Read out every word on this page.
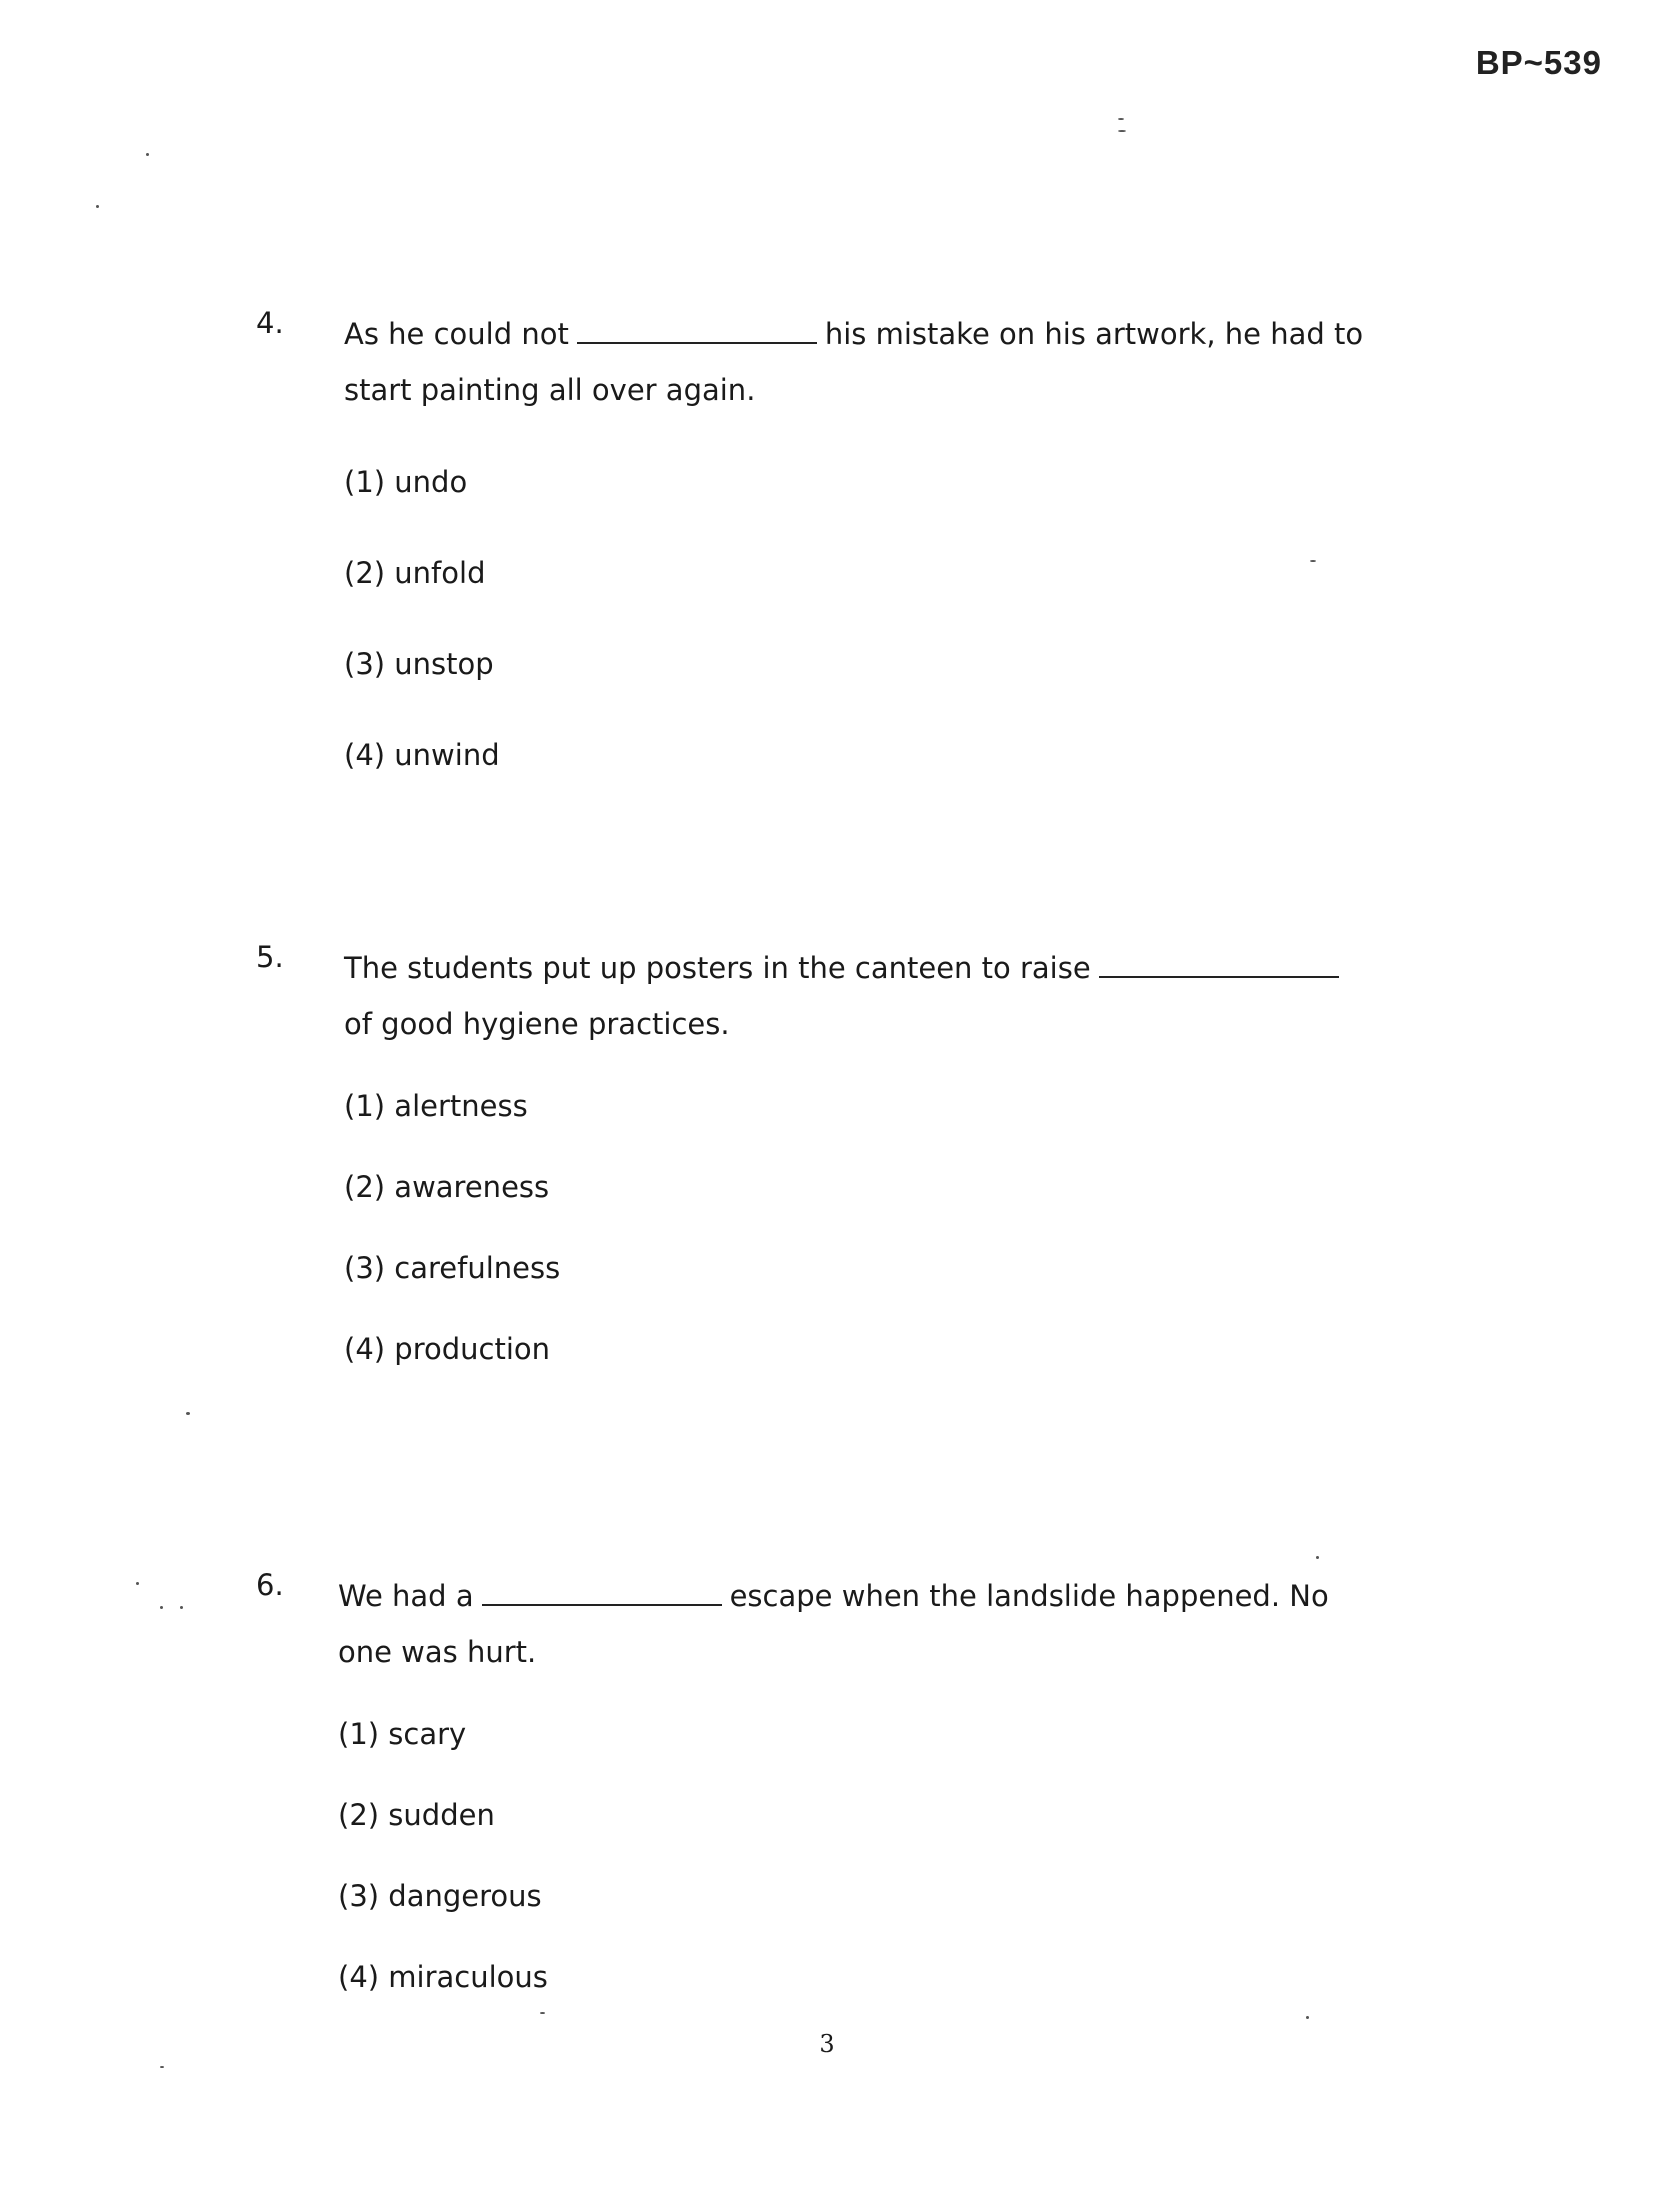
BP~539
4. As he could not	his mistake on his artwork, he had to start painting all over again.
(1) undo
(2) unfold
(3) unstop
(4) unwind
5. The students put up posters in the canteen to raiseof good hygiene practices.
(1) alertness
(2) awareness
(3) carefulness
(4) production
6. We had a	escape when the landslide happened. No one was hurt.
(1) scary
(2) sudden
(3) dangerous
(4) miraculous
3
